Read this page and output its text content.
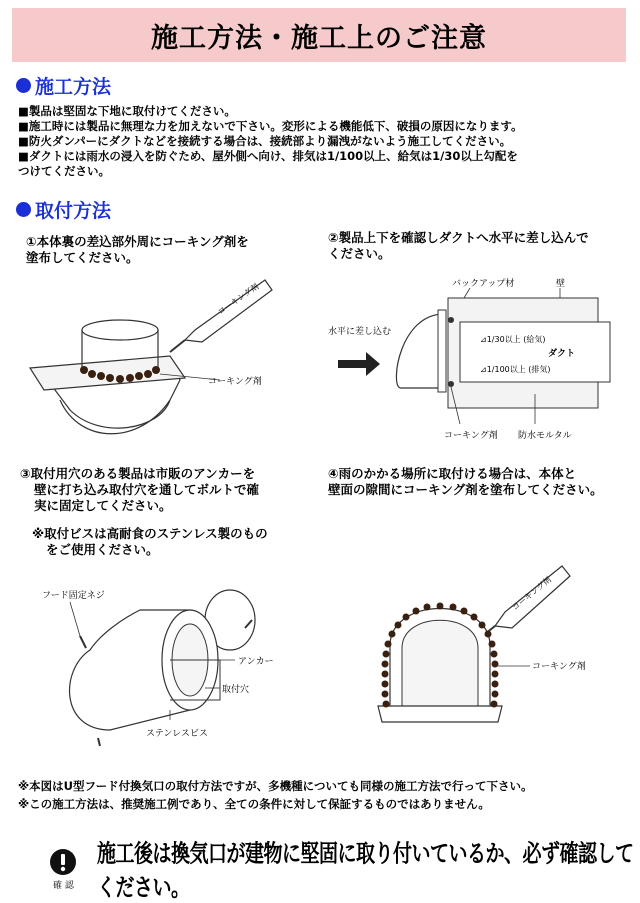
施工方法・施工上のご注意
施工方法

■製品は堅固な下地に取付けてください。

■施工時には製品に無理な力を加えないで下さい。変形による機能低下、破損の原因になります。

■防火ダンパーにダクトなどを接続する場合は、接続部より漏洩がないよう施工してください。

■ダクトには雨水の浸入を防ぐため、屋外側へ向け、排気は1/100以上、給気は1/30以上勾配を

つけてください。

取付方法
①本体裏の差込部外周にコーキング剤を
塗布してください。
②製品上下を確認しダクトへ水平に差し込んで
ください。
③取付用穴のある製品は市販のアンカーを
壁に打ち込み取付穴を通してボルトで確
実に固定してください。
※取付ビスは高耐食のステンレス製のもの
をご使用ください。
④雨のかかる場所に取付ける場合は、本体と
壁面の隙間にコーキング剤を塗布してください。
コーキング剤
コーキング剤
バックアップ材	壁
水平に差し込む
⊿1/30以上 (給気)
ダクト
⊿1/100以上 (排気)
コーキング剤 防水モルタル
フード固定ネジ
アンカー
取付穴
ステンレスビス
コーキング剤
コーキング剤
※本図はU型フード付換気口の取付方法ですが、多機種についても同様の施工方法で行って下さい。
※この施工方法は、推奨施工例であり、全ての条件に対して保証するものではありません。
確 認
施工後は換気口が建物に堅固に取り付いているか、必ず確認してください。
